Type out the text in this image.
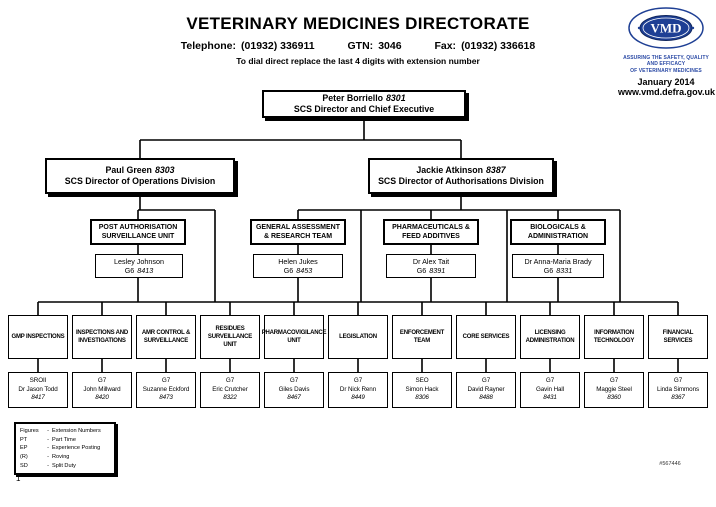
VETERINARY MEDICINES DIRECTORATE
Telephone: (01932) 336911	GTN: 3046	Fax: (01932) 336618
To dial direct replace the last 4 digits with extension number
VMD
ASSURING THE SAFETY, QUALITY AND EFFICACY
OF VETERINARY MEDICINES
January 2014
www.vmd.defra.gov.uk
Peter Borriello 8301
SCS Director and Chief Executive
Paul Green 8303
SCS Director of Operations Division
Jackie Atkinson 8387
SCS Director of Authorisations Division
POST AUTHORISATION SURVEILLANCE UNIT
GENERAL ASSESSMENT & RESEARCH TEAM
PHARMACEUTICALS & FEED ADDITIVES
BIOLOGICALS & ADMINISTRATION
Lesley Johnson
G6 8413
Helen Jukes
G6 8453
Dr Alex Tait
G6 8391
Dr Anna-Maria Brady
G6 8331
GMP INSPECTIONS
INSPECTIONS AND INVESTIGATIONS
AMR CONTROL & SURVEILLANCE
RESIDUES SURVEILLANCE UNIT
PHARMACOVIGILANCE UNIT
LEGISLATION
ENFORCEMENT TEAM
CORE SERVICES
LICENSING ADMINISTRATION
INFORMATION TECHNOLOGY
FINANCIAL SERVICES
SROII
Dr Jason Todd
8417
G7
John Millward
8420
G7
Suzanne Eckford
8473
G7
Eric Crutcher
8322
G7
Giles Davis
8467
G7
Dr Nick Renn
8449
SEO
Simon Hack
8306
G7
David Rayner
8488
G7
Gavin Hall
8431
G7
Maggie Steel
8360
G7
Linda Simmons
8367
Figures	- Extension Numbers
PT	- Part Time
EP	- Experience Posting
(R)	- Roving
SD	- Split Duty
1
#567446
